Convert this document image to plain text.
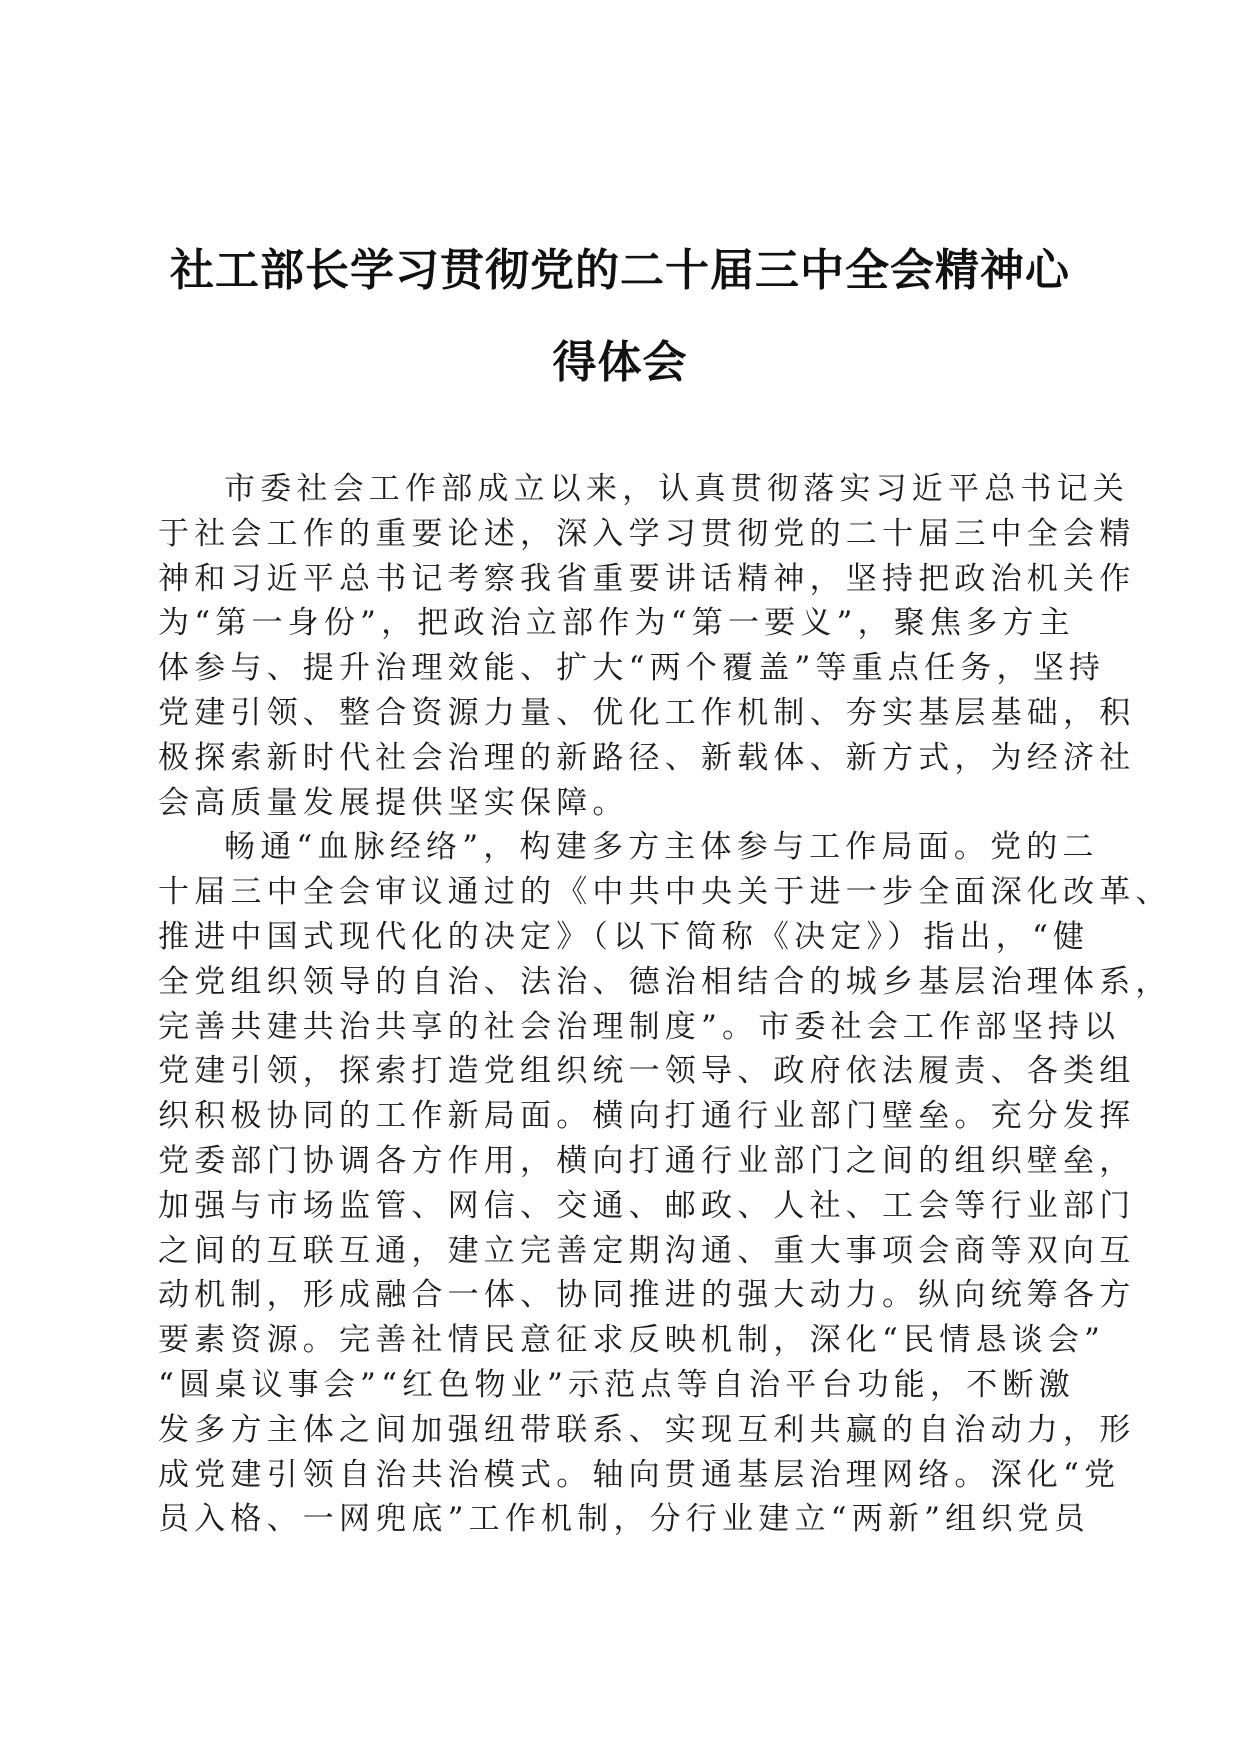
社工部长学习贯彻党的二十届三中全会精神心
得体会
市委社会工作部成立以来，认真贯彻落实习近平总书记关
于社会工作的重要论述，深入学习贯彻党的二十届三中全会精
神和习近平总书记考察我省重要讲话精神，坚持把政治机关作
为“第一身份”，把政治立部作为“第一要义”，聚焦多方主
体参与、提升治理效能、扩大“两个覆盖”等重点任务，坚持
党建引领、整合资源力量、优化工作机制、夯实基层基础，积
极探索新时代社会治理的新路径、新载体、新方式，为经济社
会高质量发展提供坚实保障。
畅通“血脉经络”，构建多方主体参与工作局面。党的二
十届三中全会审议通过的《中共中央关于进一步全面深化改革、
推进中国式现代化的决定》（以下简称《决定》）指出，“健
全党组织领导的自治、法治、德治相结合的城乡基层治理体系，
完善共建共治共享的社会治理制度”。市委社会工作部坚持以
党建引领，探索打造党组织统一领导、政府依法履责、各类组
织积极协同的工作新局面。横向打通行业部门壁垒。充分发挥
党委部门协调各方作用，横向打通行业部门之间的组织壁垒，
加强与市场监管、网信、交通、邮政、人社、工会等行业部门
之间的互联互通，建立完善定期沟通、重大事项会商等双向互
动机制，形成融合一体、协同推进的强大动力。纵向统筹各方
要素资源。完善社情民意征求反映机制，深化“民情恳谈会”
“圆桌议事会”“红色物业”示范点等自治平台功能，不断激
发多方主体之间加强纽带联系、实现互利共赢的自治动力，形
成党建引领自治共治模式。轴向贯通基层治理网络。深化“党
员入格、一网兜底”工作机制，分行业建立“两新”组织党员
